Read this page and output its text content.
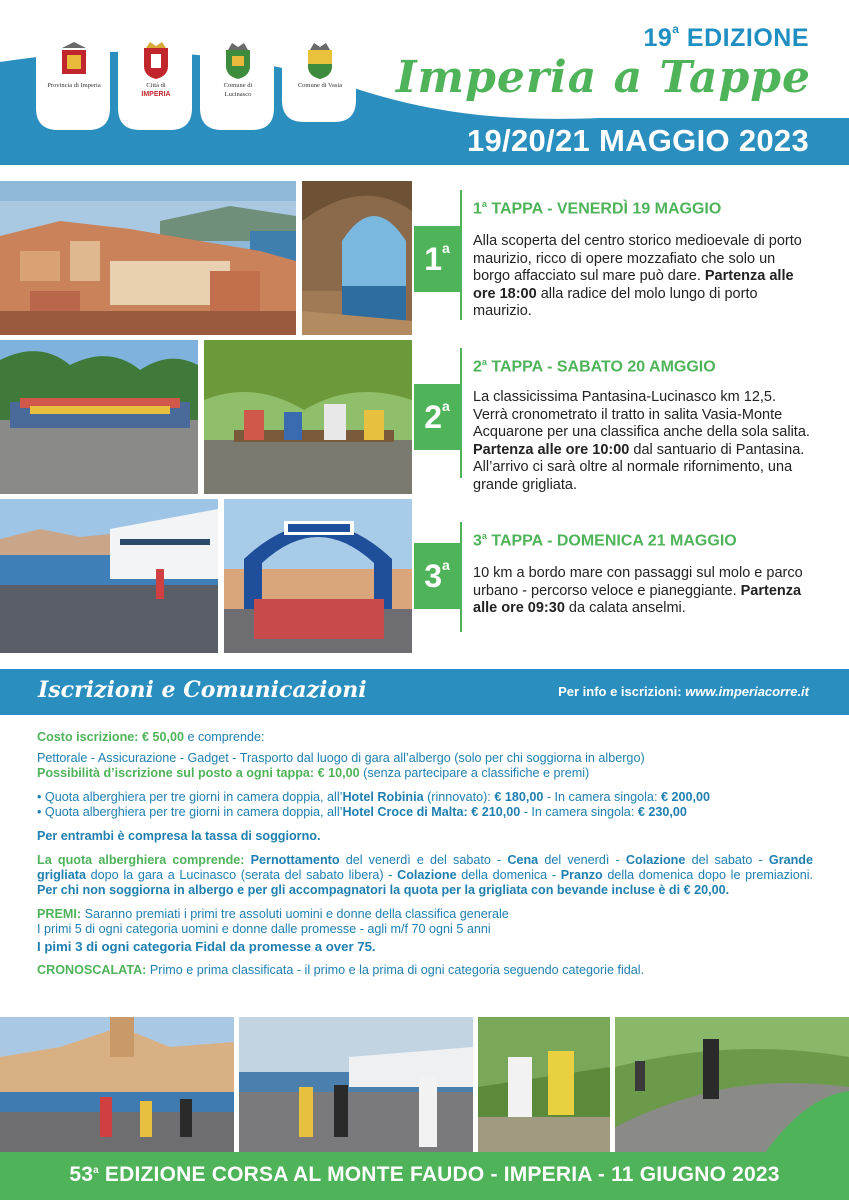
Provincia di Imperia	Città di
IMPERIA
Comune di
Lucinasco
Comune di Vasia
19$^a$ EDIZIONE
Imperia a Tappe
19/20/21 MAGGIO 2023
1$^a$
1$^a$ TAPPA - VENERDÌ 19 MAGGIO
Alla scoperta del centro storico medioevale di porto maurizio, ricco di opere mozzafiato che solo un borgo affacciato sul mare può dare. Partenza alle ore 18:00 alla radice del molo lungo di porto maurizio.
2$^a$
2$^a$ TAPPA - SABATO 20 AMGGIO
La classicissima Pantasina-Lucinasco km 12,5. Verrà cronometrato il tratto in salita Vasia-Monte Acquarone per una classifica anche della sola salita. Partenza alle ore 10:00 dal santuario di Pantasina. All’arrivo ci sarà oltre al normale rifornimento, una grande grigliata.
3$^a$
3$^a$ TAPPA - DOMENICA 21 MAGGIO
10 km a bordo mare con passaggi sul molo e parco urbano - percorso veloce e pianeggiante. Partenza alle ore 09:30 da calata anselmi.
Iscrizioni e Comunicazioni	Per info e iscrizioni: www.imperiacorre.it

Costo iscrizione: € 50,00 e comprende:

Pettorale - Assicurazione - Gadget - Trasporto dal luogo di gara all’albergo (solo per chi soggiorna in albergo)

Possibilità d’iscrizione sul posto a ogni tappa: € 10,00 (senza partecipare a classifiche e premi)

• Quota alberghiera per tre giorni in camera doppia, all’Hotel Robinia (rinnovato): € 180,00 - In camera singola: € 200,00

• Quota alberghiera per tre giorni in camera doppia, all’Hotel Croce di Malta: € 210,00 - In camera singola: € 230,00

Per entrambi è compresa la tassa di soggiorno.

La quota alberghiera comprende: Pernottamento del venerdì e del sabato - Cena del venerdì - Colazione del sabato - Grande grigliata dopo la gara a Lucinasco (serata del sabato libera) - Colazione della domenica - Pranzo della domenica dopo le premiazioni. Per chi non soggiorna in albergo e per gli accompagnatori la quota per la grigliata con bevande incluse è di € 20,00.

PREMI: Saranno premiati i primi tre assoluti uomini e donne della classifica generale

I primi 5 di ogni categoria uomini e donne dalle promesse - agli m/f 70 ogni 5 anni

I pimi 3 di ogni categoria Fidal da promesse a over 75.

CRONOSCALATA: Primo e prima classificata - il primo e la prima di ogni categoria seguendo categorie fidal.

53$^a$ EDIZIONE CORSA AL MONTE FAUDO - IMPERIA - 11 GIUGNO 2023
